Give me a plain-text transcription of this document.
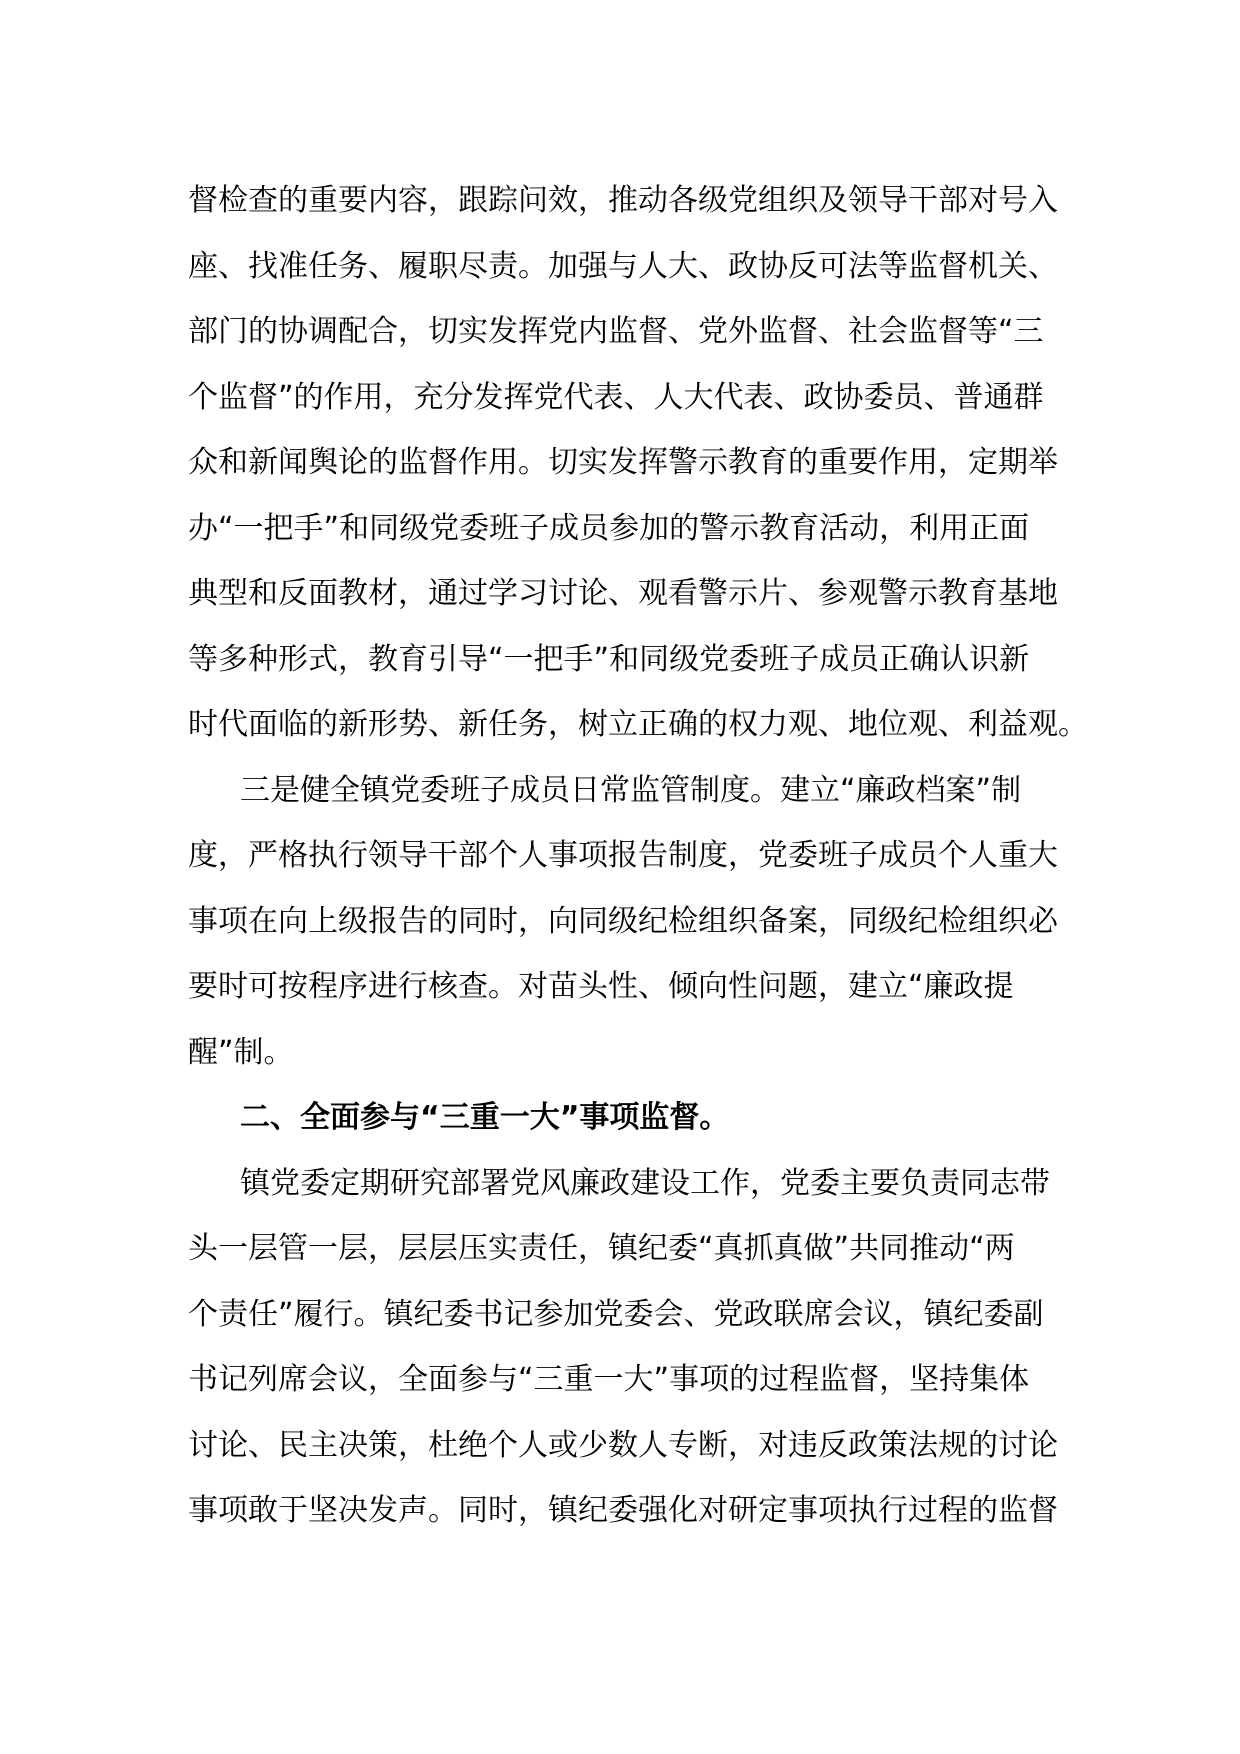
督检查的重要内容，跟踪问效，推动各级党组织及领导干部对号入
座、找准任务、履职尽责。加强与人大、政协反可法等监督机关、
部门的协调配合，切实发挥党内监督、党外监督、社会监督等“三
个监督”的作用，充分发挥党代表、人大代表、政协委员、普通群
众和新闻舆论的监督作用。切实发挥警示教育的重要作用，定期举
办“一把手”和同级党委班子成员参加的警示教育活动，利用正面
典型和反面教材，通过学习讨论、观看警示片、参观警示教育基地
等多种形式，教育引导“一把手”和同级党委班子成员正确认识新
时代面临的新形势、新任务，树立正确的权力观、地位观、利益观。
三是健全镇党委班子成员日常监管制度。建立“廉政档案”制
度，严格执行领导干部个人事项报告制度，党委班子成员个人重大
事项在向上级报告的同时，向同级纪检组织备案，同级纪检组织必
要时可按程序进行核查。对苗头性、倾向性问题，建立“廉政提
醒”制。
二、全面参与“三重一大”事项监督。
镇党委定期研究部署党风廉政建设工作，党委主要负责同志带
头一层管一层，层层压实责任，镇纪委“真抓真做”共同推动“两
个责任”履行。镇纪委书记参加党委会、党政联席会议，镇纪委副
书记列席会议，全面参与“三重一大”事项的过程监督，坚持集体
讨论、民主决策，杜绝个人或少数人专断，对违反政策法规的讨论
事项敢于坚决发声。同时，镇纪委强化对研定事项执行过程的监督
